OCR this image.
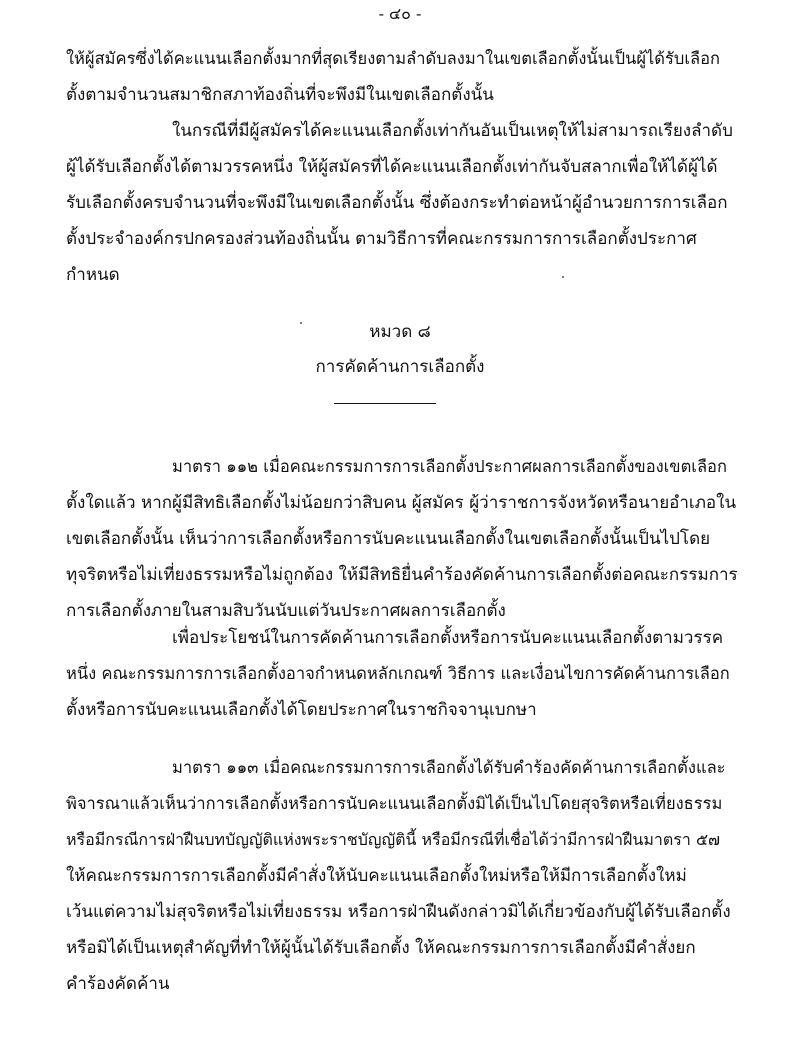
- ๔๐ -
ให้ผู้สมัครซึ่งได้คะแนนเลือกตั้งมากที่สุดเรียงตามลำดับลงมาในเขตเลือกตั้งนั้นเป็นผู้ได้รับเลือก
ตั้งตามจำนวนสมาชิกสภาท้องถิ่นที่จะพึงมีในเขตเลือกตั้งนั้น
ในกรณีที่มีผู้สมัครได้คะแนนเลือกตั้งเท่ากันอันเป็นเหตุให้ไม่สามารถเรียงลำดับ
ผู้ได้รับเลือกตั้งได้ตามวรรคหนึ่ง ให้ผู้สมัครที่ได้คะแนนเลือกตั้งเท่ากันจับสลากเพื่อให้ได้ผู้ได้
รับเลือกตั้งครบจำนวนที่จะพึงมีในเขตเลือกตั้งนั้น ซึ่งต้องกระทำต่อหน้าผู้อำนวยการการเลือก
ตั้งประจำองค์กรปกครองส่วนท้องถิ่นนั้น ตามวิธีการที่คณะกรรมการการเลือกตั้งประกาศ
กำหนด
หมวด ๘
การคัดค้านการเลือกตั้ง
มาตรา ๑๑๒ เมื่อคณะกรรมการการเลือกตั้งประกาศผลการเลือกตั้งของเขตเลือก
ตั้งใดแล้ว หากผู้มีสิทธิเลือกตั้งไม่น้อยกว่าสิบคน ผู้สมัคร ผู้ว่าราชการจังหวัดหรือนายอำเภอใน
เขตเลือกตั้งนั้น เห็นว่าการเลือกตั้งหรือการนับคะแนนเลือกตั้งในเขตเลือกตั้งนั้นเป็นไปโดย
ทุจริตหรือไม่เที่ยงธรรมหรือไม่ถูกต้อง ให้มีสิทธิยื่นคำร้องคัดค้านการเลือกตั้งต่อคณะกรรมการ
การเลือกตั้งภายในสามสิบวันนับแต่วันประกาศผลการเลือกตั้ง
เพื่อประโยชน์ในการคัดค้านการเลือกตั้งหรือการนับคะแนนเลือกตั้งตามวรรค
หนึ่ง คณะกรรมการการเลือกตั้งอาจกำหนดหลักเกณฑ์ วิธีการ และเงื่อนไขการคัดค้านการเลือก
ตั้งหรือการนับคะแนนเลือกตั้งได้โดยประกาศในราชกิจจานุเบกษา
มาตรา ๑๑๓ เมื่อคณะกรรมการการเลือกตั้งได้รับคำร้องคัดค้านการเลือกตั้งและ
พิจารณาแล้วเห็นว่าการเลือกตั้งหรือการนับคะแนนเลือกตั้งมิได้เป็นไปโดยสุจริตหรือเที่ยงธรรม
หรือมีกรณีการฝ่าฝืนบทบัญญัติแห่งพระราชบัญญัตินี้ หรือมีกรณีที่เชื่อได้ว่ามีการฝ่าฝืนมาตรา ๕๗
ให้คณะกรรมการการเลือกตั้งมีคำสั่งให้นับคะแนนเลือกตั้งใหม่หรือให้มีการเลือกตั้งใหม่
เว้นแต่ความไม่สุจริตหรือไม่เที่ยงธรรม หรือการฝ่าฝืนดังกล่าวมิได้เกี่ยวข้องกับผู้ได้รับเลือกตั้ง
หรือมิได้เป็นเหตุสำคัญที่ทำให้ผู้นั้นได้รับเลือกตั้ง ให้คณะกรรมการการเลือกตั้งมีคำสั่งยก
คำร้องคัดค้าน
